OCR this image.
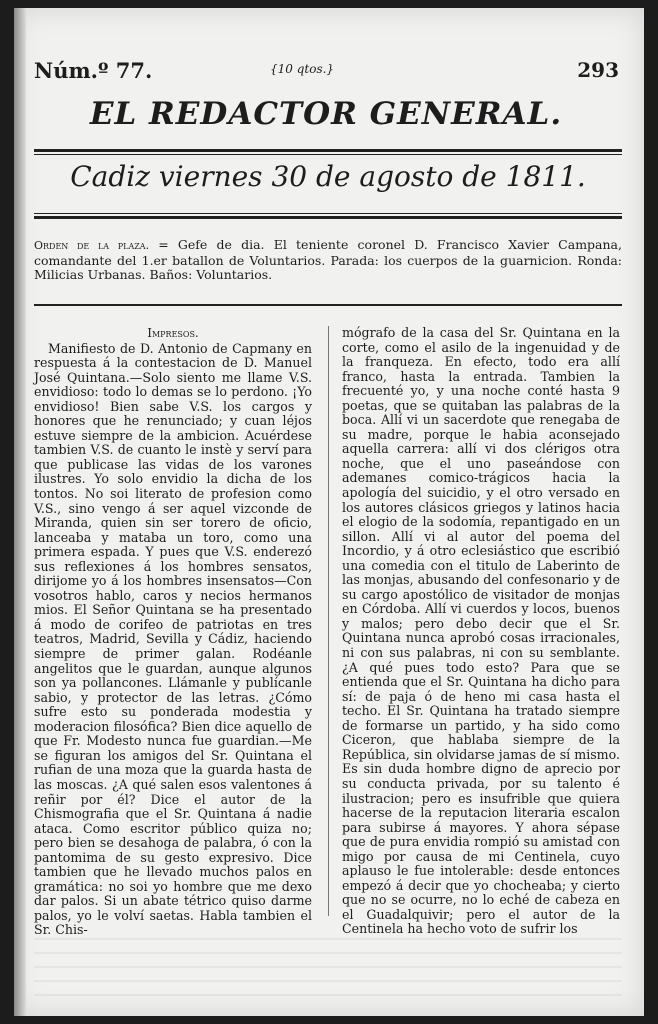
Núm.º 77.	{10 qtos.}	293
EL REDACTOR GENERAL.
Cadiz viernes 30 de agosto de 1811.
Orden de la plaza. = Gefe de dia. El teniente coronel D. Francisco Xavier Campana, comandante del 1.er batallon de Voluntarios. Parada: los cuerpos de la guarnicion. Ronda: Milicias Urbanas. Baños: Voluntarios.

Impresos.

Manifiesto de D. Antonio de Capmany en respuesta á la contestacion de D. Manuel José Quintana.—Solo siento me llame V.S. envidioso: todo lo demas se lo perdono. ¡Yo envidioso! Bien sabe V.S. los cargos y honores que he renunciado; y cuan léjos estuve siempre de la ambicion. Acuérdese tambien V.S. de cuanto le instè y serví para que publicase las vidas de los varones ilustres. Yo solo envidio la dicha de los tontos. No soi literato de profesion como V.S., sino vengo á ser aquel vizconde de Miranda, quien sin ser torero de oficio, lanceaba y mataba un toro, como una primera espada. Y pues que V.S. enderezó sus reflexiones á los hombres sensatos, dirijome yo á los hombres insensatos—Con vosotros hablo, caros y necios hermanos mios. El Señor Quintana se ha presentado á modo de corifeo de patriotas en tres teatros, Madrid, Sevilla y Cádiz, haciendo siempre de primer galan. Rodéanle angelitos que le guardan, aunque algunos son ya pollancones. Llámanle y publícanle sabio, y protector de las letras. ¿Cómo sufre esto su ponderada modestia y moderacion filosófica? Bien dice aquello de que Fr. Modesto nunca fue guardian.—Me se figuran los amigos del Sr. Quintana el rufian de una moza que la guarda hasta de las moscas. ¿A qué salen esos valentones á reñir por él? Dice el autor de la Chismografia que el Sr. Quintana á nadie ataca. Como escritor público quiza no; pero bien se desahoga de palabra, ó con la pantomima de su gesto expresivo. Dice tambien que he llevado muchos palos en gramática: no soi yo hombre que me dexo dar palos. Si un abate tétrico quiso darme palos, yo le volví saetas. Habla tambien el Sr. Chis-

mógrafo de la casa del Sr. Quintana en la corte, como el asilo de la ingenuidad y de la franqueza. En efecto, todo era allí franco, hasta la entrada. Tambien la frecuenté yo, y una noche conté hasta 9 poetas, que se quitaban las palabras de la boca. Allí vi un sacerdote que renegaba de su madre, porque le habia aconsejado aquella carrera: allí vi dos clérigos otra noche, que el uno paseándose con ademanes comico-trágicos hacia la apología del suicidio, y el otro versado en los autores clásicos griegos y latinos hacia el elogio de la sodomía, repantigado en un sillon. Allí vi al autor del poema del Incordio, y á otro eclesiástico que escribió una comedia con el titulo de Laberinto de las monjas, abusando del confesonario y de su cargo apostólico de visitador de monjas en Córdoba. Allí vi cuerdos y locos, buenos y malos; pero debo decir que el Sr. Quintana nunca aprobó cosas irracionales, ni con sus palabras, ni con su semblante. ¿A qué pues todo esto? Para que se entienda que el Sr. Quintana ha dicho para sí: de paja ó de heno mi casa hasta el techo. El Sr. Quintana ha tratado siempre de formarse un partido, y ha sido como Ciceron, que hablaba siempre de la República, sin olvidarse jamas de sí mismo. Es sin duda hombre digno de aprecio por su conducta privada, por su talento é ilustracion; pero es insufrible que quiera hacerse de la reputacion literaria escalon para subirse á mayores. Y ahora sépase que de pura envidia rompió su amistad con migo por causa de mi Centinela, cuyo aplauso le fue intolerable: desde entonces empezó á decir que yo chocheaba; y cierto que no se ocurre, no lo eché de cabeza en el Guadalquivir; pero el autor de la Centinela ha hecho voto de sufrir los
